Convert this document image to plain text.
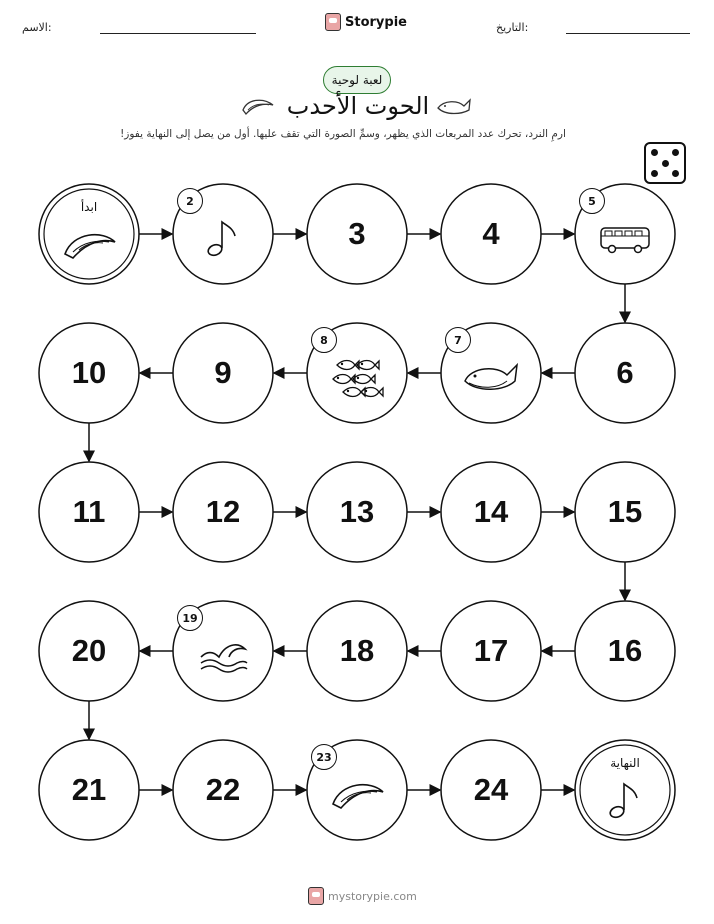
الاسم:	Storypie	التاريخ:
لعبة لوحية
الحوت الأحدب
ارمِ النرد، تحرك عدد المربعات الذي يظهر، وسمِّ الصورة التي تقف عليها. أول من يصل إلى النهاية يفوز!
ابدأ	2
3	4
5
6
7
8
9
10
11	12	13	14	15
16
17
18
19
20
21	22
23
24
النهاية
mystorypie.com
